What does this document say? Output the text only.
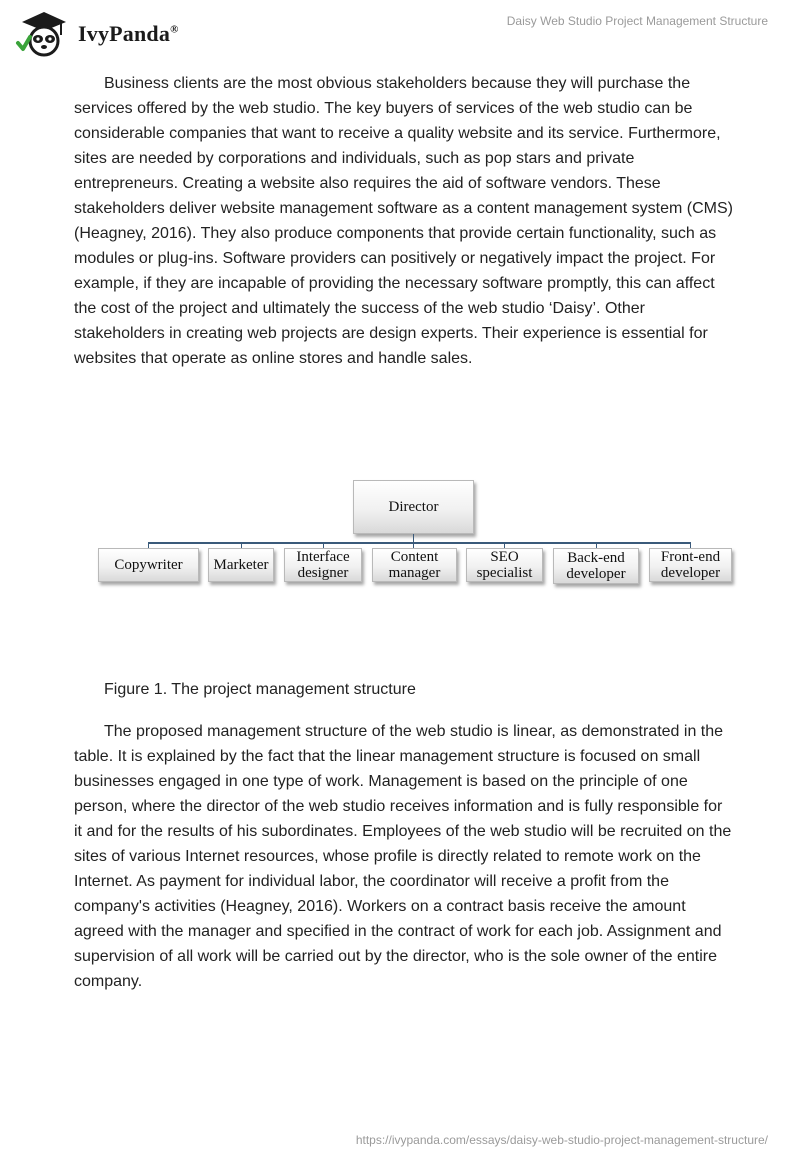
IvyPanda®
Daisy Web Studio Project Management Structure

Business clients are the most obvious stakeholders because they will purchase the services offered by the web studio. The key buyers of services of the web studio can be considerable companies that want to receive a quality website and its service. Furthermore, sites are needed by corporations and individuals, such as pop stars and private entrepreneurs. Creating a website also requires the aid of software vendors. These stakeholders deliver website management software as a content management system (CMS) (Heagney, 2016). They also produce components that provide certain functionality, such as modules or plug-ins. Software providers can positively or negatively impact the project. For example, if they are incapable of providing the necessary software promptly, this can affect the cost of the project and ultimately the success of the web studio ‘Daisy’. Other stakeholders in creating web projects are design experts. Their experience is essential for websites that operate as online stores and handle sales.

Director
Copywriter Marketer Interface
designer
Content
manager
SEO
specialist
Back-end
developer
Front-end
developer

Figure 1. The project management structure

The proposed management structure of the web studio is linear, as demonstrated in the table. It is explained by the fact that the linear management structure is focused on small businesses engaged in one type of work. Management is based on the principle of one person, where the director of the web studio receives information and is fully responsible for it and for the results of his subordinates. Employees of the web studio will be recruited on the sites of various Internet resources, whose profile is directly related to remote work on the Internet. As payment for individual labor, the coordinator will receive a profit from the company's activities (Heagney, 2016). Workers on a contract basis receive the amount agreed with the manager and specified in the contract of work for each job. Assignment and supervision of all work will be carried out by the director, who is the sole owner of the entire company.

https://ivypanda.com/essays/daisy-web-studio-project-management-structure/
